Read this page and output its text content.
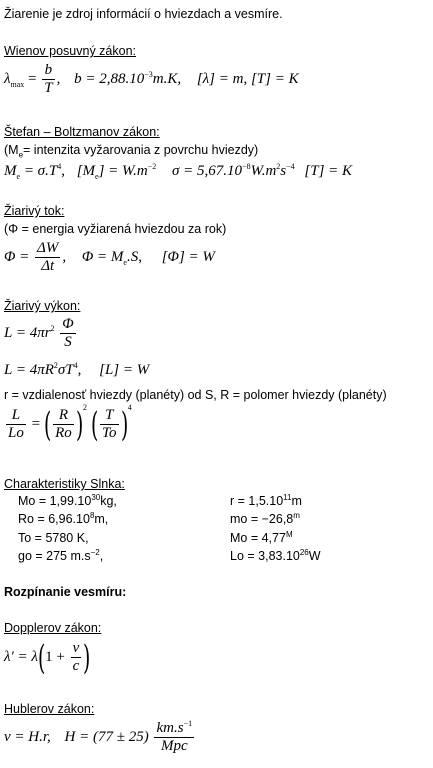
Žiarenie je zdroj informácií o hviezdach a vesmíre.
Wienov posuvný zákon:
$\lambda_{max} = \frac{b}{T}$ , $b = 2,88.10^{-3}m.K$, [λ] = m, [T] = K
Štefan – Boltzmanov zákon:
($M_e=$ intenzita vyžarovania z povrchu hviezdy)
$M_e = \sigma.T^4$, $[M_e] = W.m^{-2}$ $\sigma = 5,67.10^{-8}W.m^2s^{-4}$ [T] = K
Žiarivý tok:
(Φ = energia vyžiarená hviezdou za rok)
$\Phi = \frac{\Delta W}{\Delta t}$ , $\Phi = M_e.S$, [Φ] = W
Žiarivý výkon:
$L = 4\pi r^2 \frac{\Phi}{S}$
$L = 4\pi R^2\sigma T^4$, [L] = W
r = vzdialenosť hviezdy (planéty) od S, R = polomer hviezdy (planéty)
$\frac{L}{Lo}$ = ( $\frac{R}{Ro} )^2$ ( $\frac{T}{To} )^4$
Charakteristiky Slnka:
$Mo = 1,99.10^{30}kg$,
$Ro = 6,96.10^8m$,
To = 5780 K,
go = 275 $m.s^{-2}$,
$r = 1,5.10^{11}m$
mo = $-26,8^m$
$Mo = 4,77^M$
$Lo = 3,83.10^{26}W$
Rozpínanie vesmíru:
Dopplerov zákon:
$\lambda' = \lambda(1 + \frac{v}{c}$ )
Hublerov zákon:
v = H.r, $H = (77 \pm 25) \frac{km.s^{-1}}{\text{Mpc}}$
